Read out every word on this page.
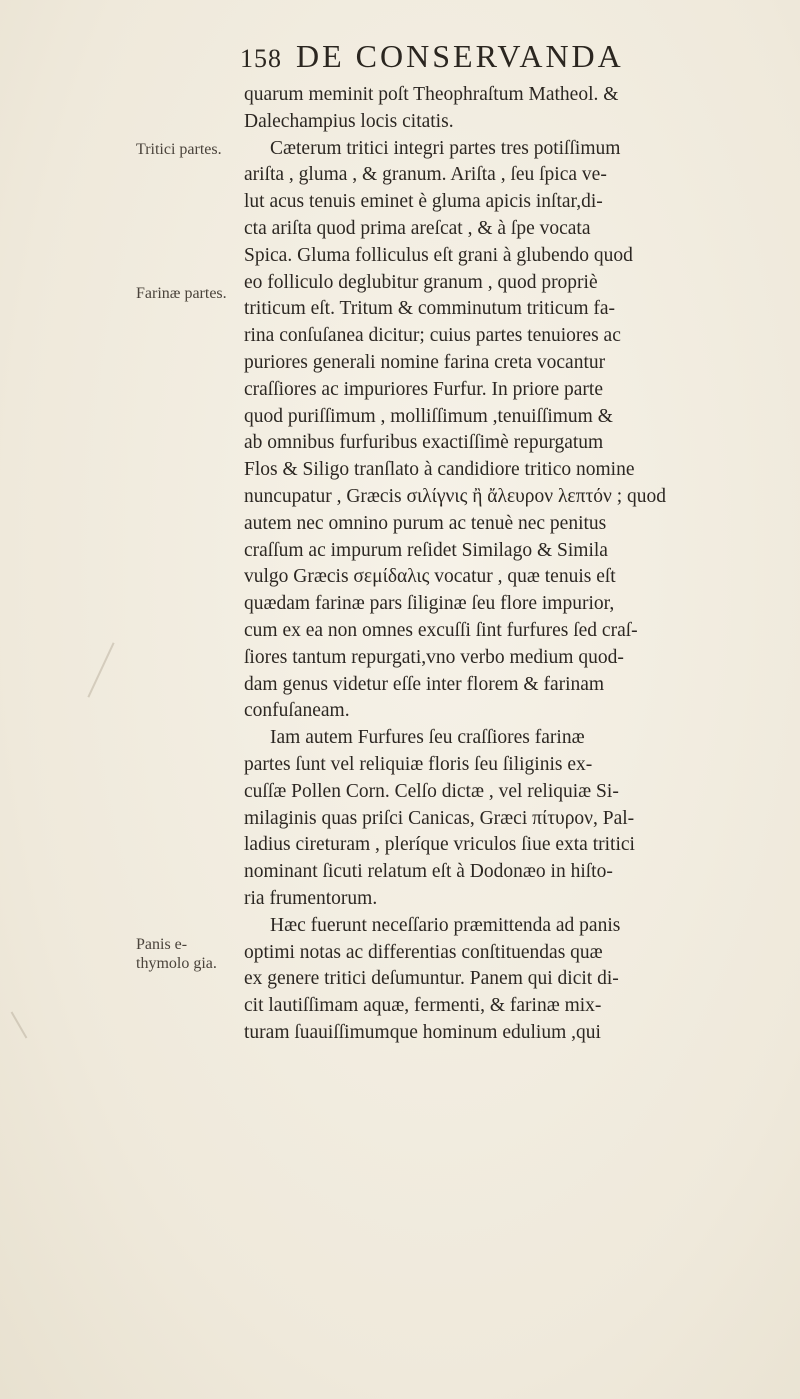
158 DE CONSERVANDA
Tritici partes.
Farinæ partes.
Panis e- thymolo gia.
quarum meminit poſt Theophraſtum Matheol. &
Dalechampius locis citatis.
Cæterum tritici integri partes tres potiſſimum
ariſta , gluma , & granum. Ariſta , ſeu ſpica ve-
lut acus tenuis eminet è gluma apicis inſtar,di-
cta ariſta quod prima areſcat , & à ſpe vocata
Spica. Gluma folliculus eſt grani à glubendo quod
eo folliculo deglubitur granum , quod propriè
triticum eſt. Tritum & comminutum triticum fa-
rina conſuſanea dicitur; cuius partes tenuiores ac
puriores generali nomine farina creta vocantur
craſſiores ac impuriores Furfur. In priore parte
quod puriſſimum , molliſſimum ,tenuiſſimum &
ab omnibus furfuribus exactiſſimè repurgatum
Flos & Siligo tranſlato à candidiore tritico nomine
nuncupatur , Græcis σιλίγνις ἢ ἄλευρον λεπτόν ; quod
autem nec omnino purum ac tenuè nec penitus
craſſum ac impurum reſidet Similago & Simila
vulgo Græcis σεμίδαλις vocatur , quæ tenuis eſt
quædam farinæ pars ſiliginæ ſeu flore impurior,
cum ex ea non omnes excuſſi ſint furfures ſed craſ-
ſiores tantum repurgati,vno verbo medium quod-
dam genus videtur eſſe inter florem & farinam
confuſaneam.
Iam autem Furfures ſeu craſſiores farinæ
partes ſunt vel reliquiæ floris ſeu ſiliginis ex-
cuſſæ Pollen Corn. Celſo dictæ , vel reliquiæ Si-
milaginis quas priſci Canicas, Græci πίτυρον, Pal-
ladius cireturam , pleríque vriculos ſiue exta tritici
nominant ſicuti relatum eſt à Dodonæo in hiſto-
ria frumentorum.
Hæc fuerunt neceſſario præmittenda ad panis
optimi notas ac differentias conſtituendas quæ
ex genere tritici deſumuntur. Panem qui dicit di-
cit lautiſſimam aquæ, fermenti, & farinæ mix-
turam ſuauiſſimumque hominum edulium ,qui
